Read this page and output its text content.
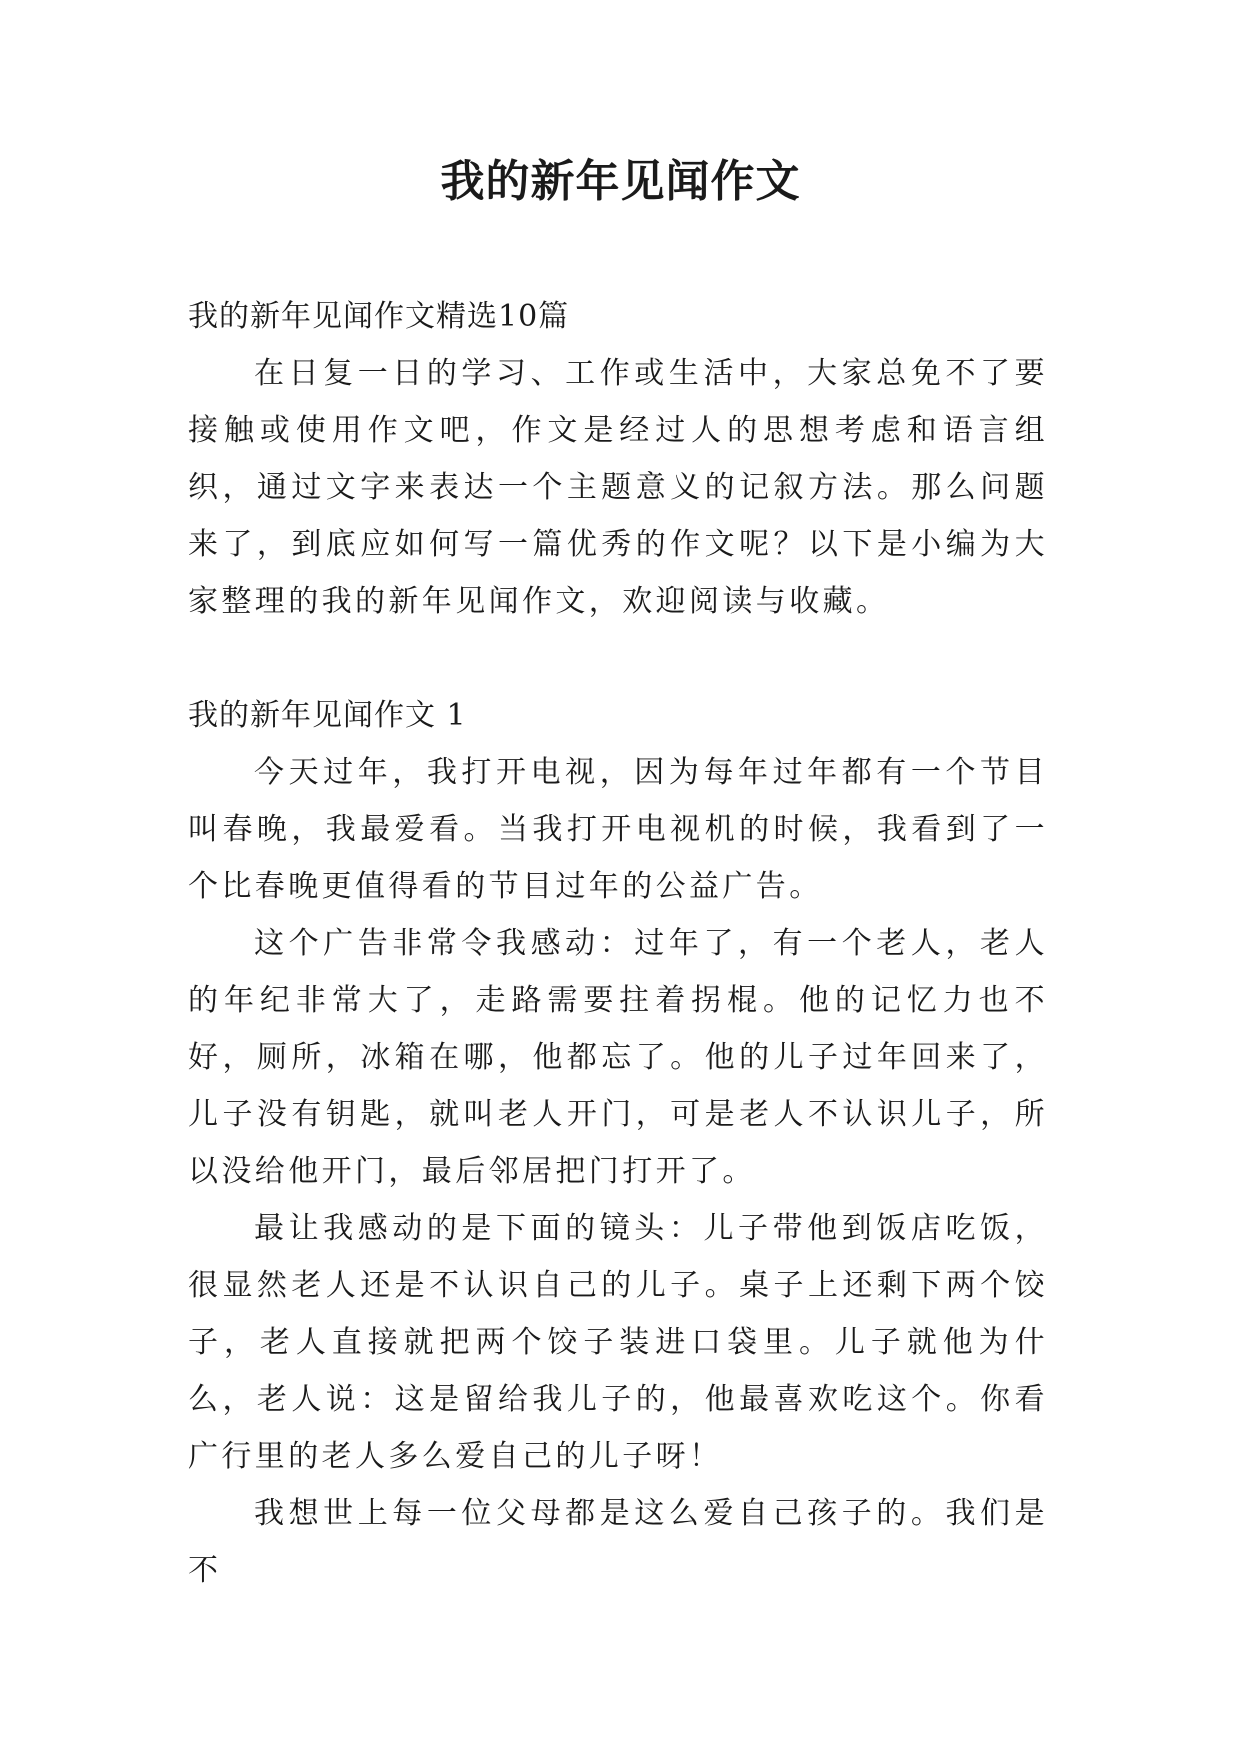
我的新年见闻作文

我的新年见闻作文精选10篇

在日复一日的学习、工作或生活中，大家总免不了要接触或使用作文吧，作文是经过人的思想考虑和语言组织，通过文字来表达一个主题意义的记叙方法。那么问题来了，到底应如何写一篇优秀的作文呢？以下是小编为大家整理的我的新年见闻作文，欢迎阅读与收藏。

我的新年见闻作文 1

今天过年，我打开电视，因为每年过年都有一个节目叫春晚，我最爱看。当我打开电视机的时候，我看到了一个比春晚更值得看的节目过年的公益广告。

这个广告非常令我感动：过年了，有一个老人，老人的年纪非常大了，走路需要拄着拐棍。他的记忆力也不好，厕所，冰箱在哪，他都忘了。他的儿子过年回来了，儿子没有钥匙，就叫老人开门，可是老人不认识儿子，所以没给他开门，最后邻居把门打开了。

最让我感动的是下面的镜头：儿子带他到饭店吃饭，很显然老人还是不认识自己的儿子。桌子上还剩下两个饺子，老人直接就把两个饺子装进口袋里。儿子就他为什么，老人说：这是留给我儿子的，他最喜欢吃这个。你看广行里的老人多么爱自己的儿子呀！

我想世上每一位父母都是这么爱自己孩子的。我们是不
